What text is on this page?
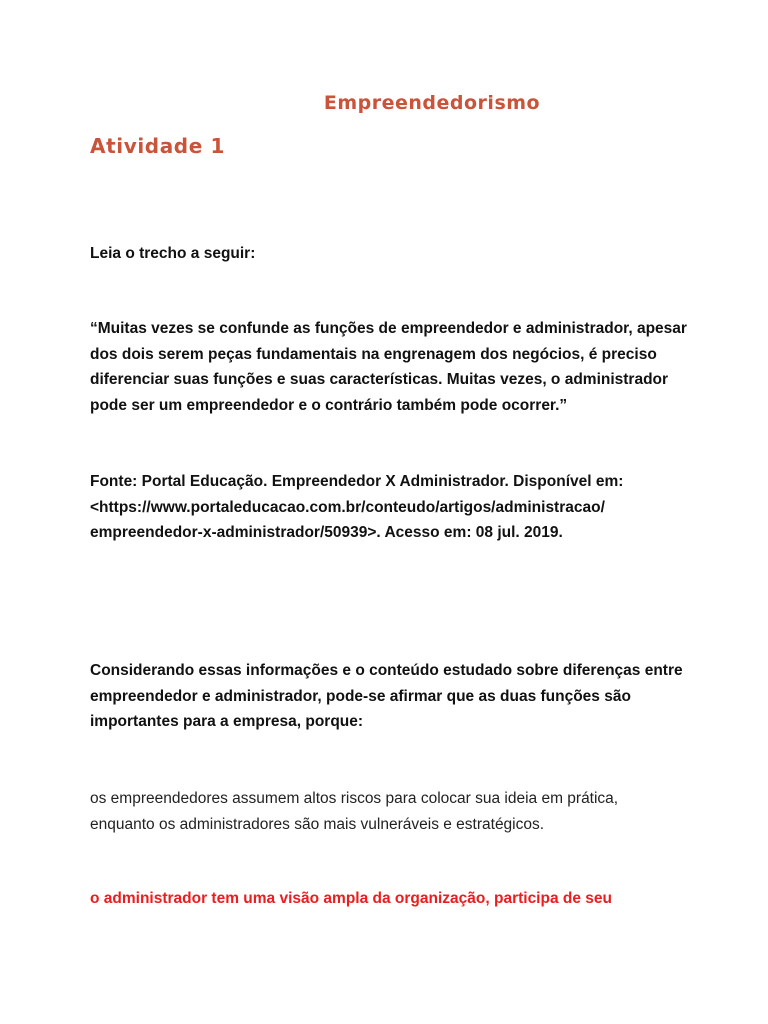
Empreendedorismo
Atividade 1

Leia o trecho a seguir:

“Muitas vezes se confunde as funções de empreendedor e administrador, apesar
dos dois serem peças fundamentais na engrenagem dos negócios, é preciso
diferenciar suas funções e suas características. Muitas vezes, o administrador
pode ser um empreendedor e o contrário também pode ocorrer.”

Fonte: Portal Educação. Empreendedor X Administrador. Disponível em:
<https://www.portaleducacao.com.br/conteudo/artigos/administracao/
empreendedor-x-administrador/50939>. Acesso em: 08 jul. 2019.

Considerando essas informações e o conteúdo estudado sobre diferenças entre
empreendedor e administrador, pode-se afirmar que as duas funções são
importantes para a empresa, porque:

os empreendedores assumem altos riscos para colocar sua ideia em prática,
enquanto os administradores são mais vulneráveis e estratégicos.

o administrador tem uma visão ampla da organização, participa de seu
